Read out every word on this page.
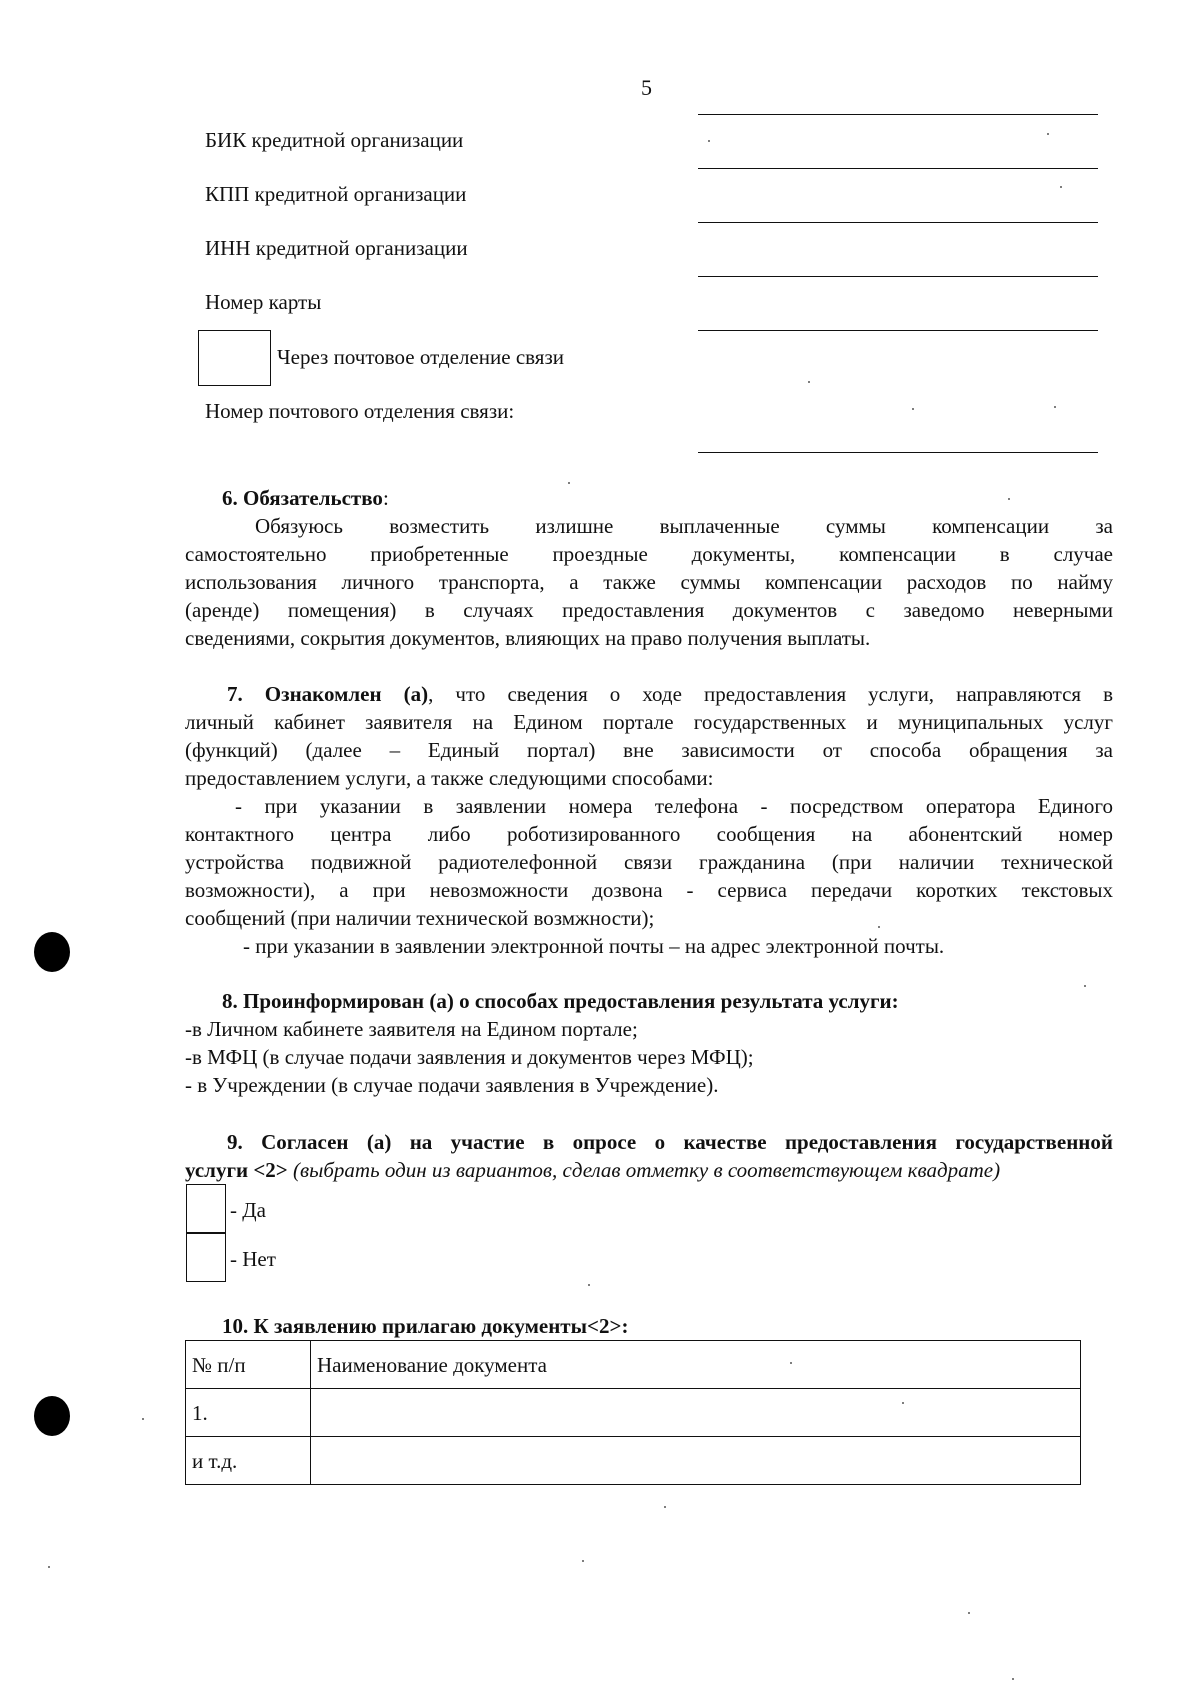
5
БИК кредитной организации
КПП кредитной организации
ИНН кредитной организации
Номер карты
Через почтовое отделение связи
Номер почтового отделения связи:
6. Обязательство:
Обязуюсь возместить излишне выплаченные суммы компенсации за
самостоятельно приобретенные проездные документы, компенсации в случае
использования личного транспорта, а также суммы компенсации расходов по найму
(аренде) помещения) в случаях предоставления документов с заведомо неверными
сведениями, сокрытия документов, влияющих на право получения выплаты.
7. Ознакомлен (а), что сведения о ходе предоставления услуги, направляются в
личный кабинет заявителя на Едином портале государственных и муниципальных услуг
(функций) (далее – Единый портал) вне зависимости от способа обращения за
предоставлением услуги, а также следующими способами:
- при указании в заявлении номера телефона - посредством оператора Единого
контактного центра либо роботизированного сообщения на абонентский номер
устройства подвижной радиотелефонной связи гражданина (при наличии технической
возможности), а при невозможности дозвона - сервиса передачи коротких текстовых
сообщений (при наличии технической возмжности);
- при указании в заявлении электронной почты – на адрес электронной почты.
8. Проинформирован (а) о способах предоставления результата услуги:
-в Личном кабинете заявителя на Едином портале;
-в МФЦ (в случае подачи заявления и документов через МФЦ);
- в Учреждении (в случае подачи заявления в Учреждение).
9. Согласен (а) на участие в опросе о качестве предоставления государственной
услуги <2> (выбрать один из вариантов, сделав отметку в соответствующем квадрате)
- Да
- Нет
10. К заявлению прилагаю документы<2>:
№ п/п	Наименование документа
1.	
и т.д.	
